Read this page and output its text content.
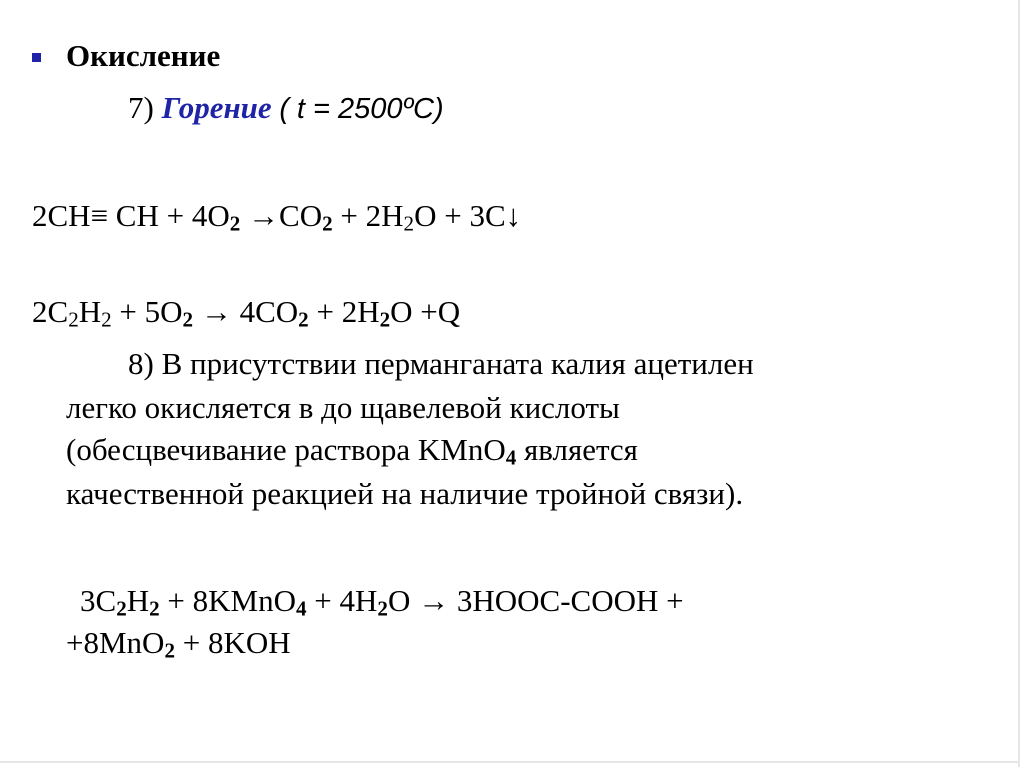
Окисление
7) Горение ( t = 2500ºC)
2CH≡ CH + $4O_2 \to CO_2 + 2H_2O$ + 3C↓
$2C_2H_2 + 5O_2 \to 4CO_2 + 2H_2O +Q$
8) В присутствии перманганата калия ацетилен
легко окисляется в до щавелевой кислоты
(обесцвечивание раствора KMnO$_4$ является
качественной реакцией на наличие тройной связи).
$3C_2H_2$ + 8KMnO$_4$ + $4H_2O$ → 3HOOC-COOH +
+8MnO$_2$ + 8KOH
